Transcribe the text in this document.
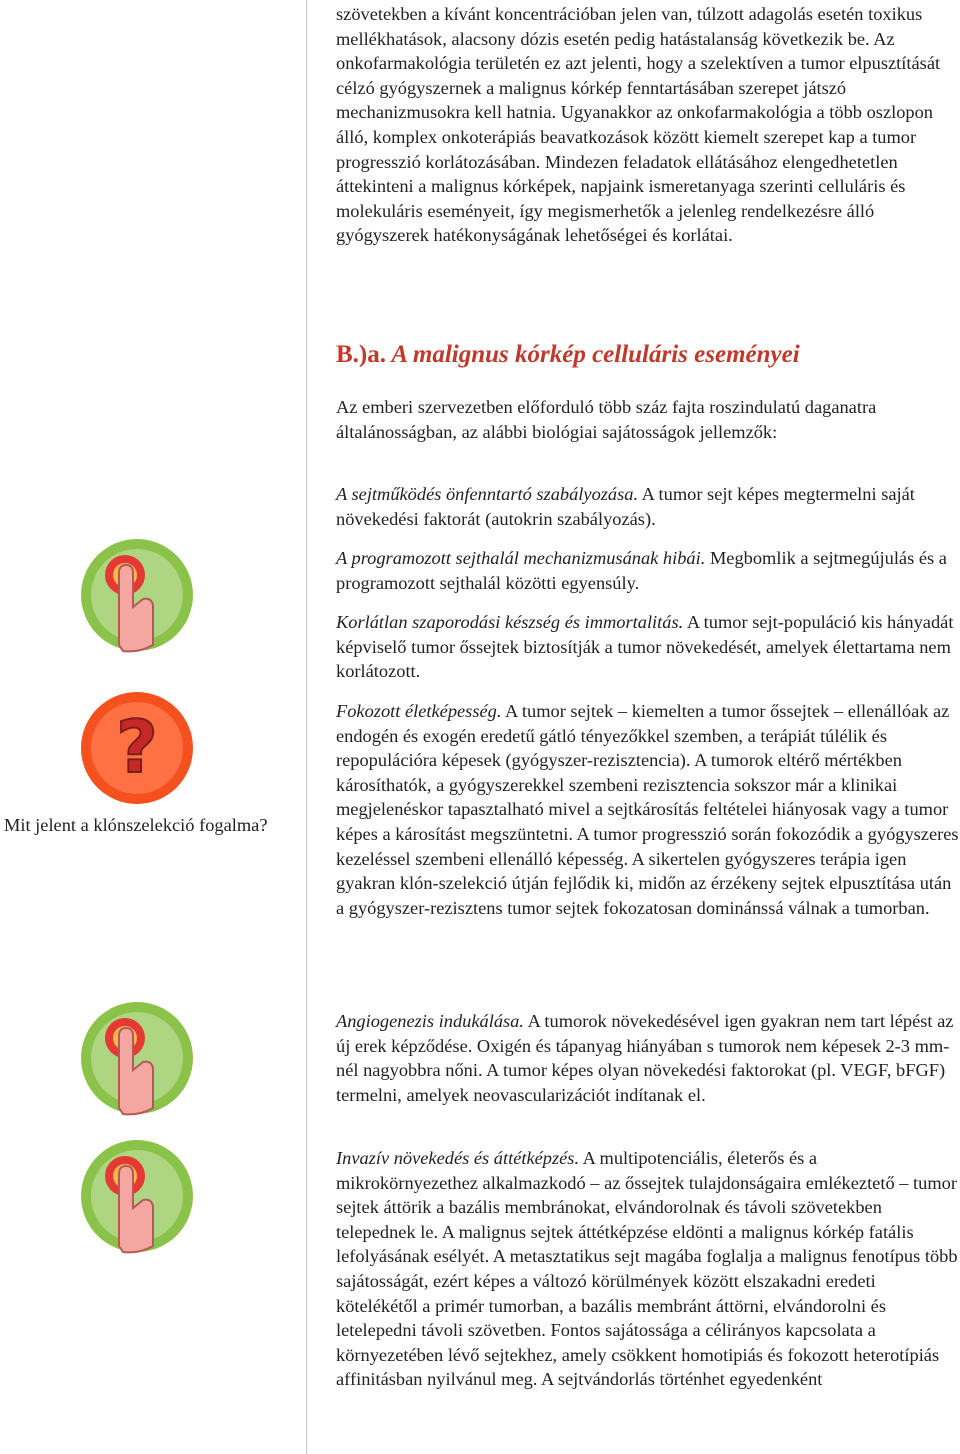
?

Mit jelent a klónszelekció fogalma?

szövetekben a kívánt koncentrációban jelen van, túlzott adagolás esetén toxikus mellékhatások, alacsony dózis esetén pedig hatástalanság következik be. Az onkofarmakológia területén ez azt jelenti, hogy a szelektíven a tumor elpusztítását célzó gyógyszernek a malignus kórkép fenntartásában szerepet játszó mechanizmusokra kell hatnia. Ugyanakkor az onkofarmakológia a több oszlopon álló, komplex onkoterápiás beavatkozások között kiemelt szerepet kap a tumor progresszió korlátozásában. Mindezen feladatok ellátásához elengedhetetlen áttekinteni a malignus kórképek, napjaink ismeretanyaga szerinti celluláris és molekuláris eseményeit, így megismerhetők a jelenleg rendelkezésre álló gyógyszerek hatékonyságának lehetőségei és korlátai.

B.)a. A malignus kórkép celluláris eseményei

Az emberi szervezetben előforduló több száz fajta roszindulatú daganatra általánosságban, az alábbi biológiai sajátosságok jellemzők:

A sejtműködés önfenntartó szabályozása. A tumor sejt képes megtermelni saját növekedési faktorát (autokrin szabályozás).

A programozott sejthalál mechanizmusának hibái. Megbomlik a sejtmegújulás és a programozott sejthalál közötti egyensúly.

Korlátlan szaporodási készség és immortalitás. A tumor sejt-populáció kis hányadát képviselő tumor őssejtek biztosítják a tumor növekedését, amelyek élettartama nem korlátozott.

Fokozott életképesség. A tumor sejtek – kiemelten a tumor őssejtek – ellenállóak az endogén és exogén eredetű gátló tényezőkkel szemben, a terápiát túlélik és repopulációra képesek (gyógyszer-rezisztencia). A tumorok eltérő mértékben károsíthatók, a gyógyszerekkel szembeni rezisztencia sokszor már a klinikai megjelenéskor tapasztalható mivel a sejtkárosítás feltételei hiányosak vagy a tumor képes a károsítást megszüntetni. A tumor progresszió során fokozódik a gyógyszeres kezeléssel szembeni ellenálló képesség. A sikertelen gyógyszeres terápia igen gyakran klón-szelekció útján fejlődik ki, midőn az érzékeny sejtek elpusztítása után a gyógyszer-rezisztens tumor sejtek fokozatosan dominánssá válnak a tumorban.

Angiogenezis indukálása. A tumorok növekedésével igen gyakran nem tart lépést az új erek képződése. Oxigén és tápanyag hiányában s tumorok nem képesek 2-3 mm-nél nagyobbra nőni. A tumor képes olyan növekedési faktorokat (pl. VEGF, bFGF) termelni, amelyek neovascularizációt indítanak el.

Invazív növekedés és áttétképzés. A multipotenciális, életerős és a mikrokörnyezethez alkalmazkodó – az őssejtek tulajdonságaira emlékeztető – tumor sejtek áttörik a bazális membránokat, elvándorolnak és távoli szövetekben telepednek le. A malignus sejtek áttétképzése eldönti a malignus kórkép fatális lefolyásának esélyét. A metasztatikus sejt magába foglalja a malignus fenotípus több sajátosságát, ezért képes a változó körülmények között elszakadni eredeti kötelékétől a primér tumorban, a bazális membránt áttörni, elvándorolni és letelepedni távoli szövetben. Fontos sajátossága a célirányos kapcsolata a környezetében lévő sejtekhez, amely csökkent homotipiás és fokozott heterotípiás affinitásban nyilvánul meg. A sejtvándorlás történhet egyedenként
